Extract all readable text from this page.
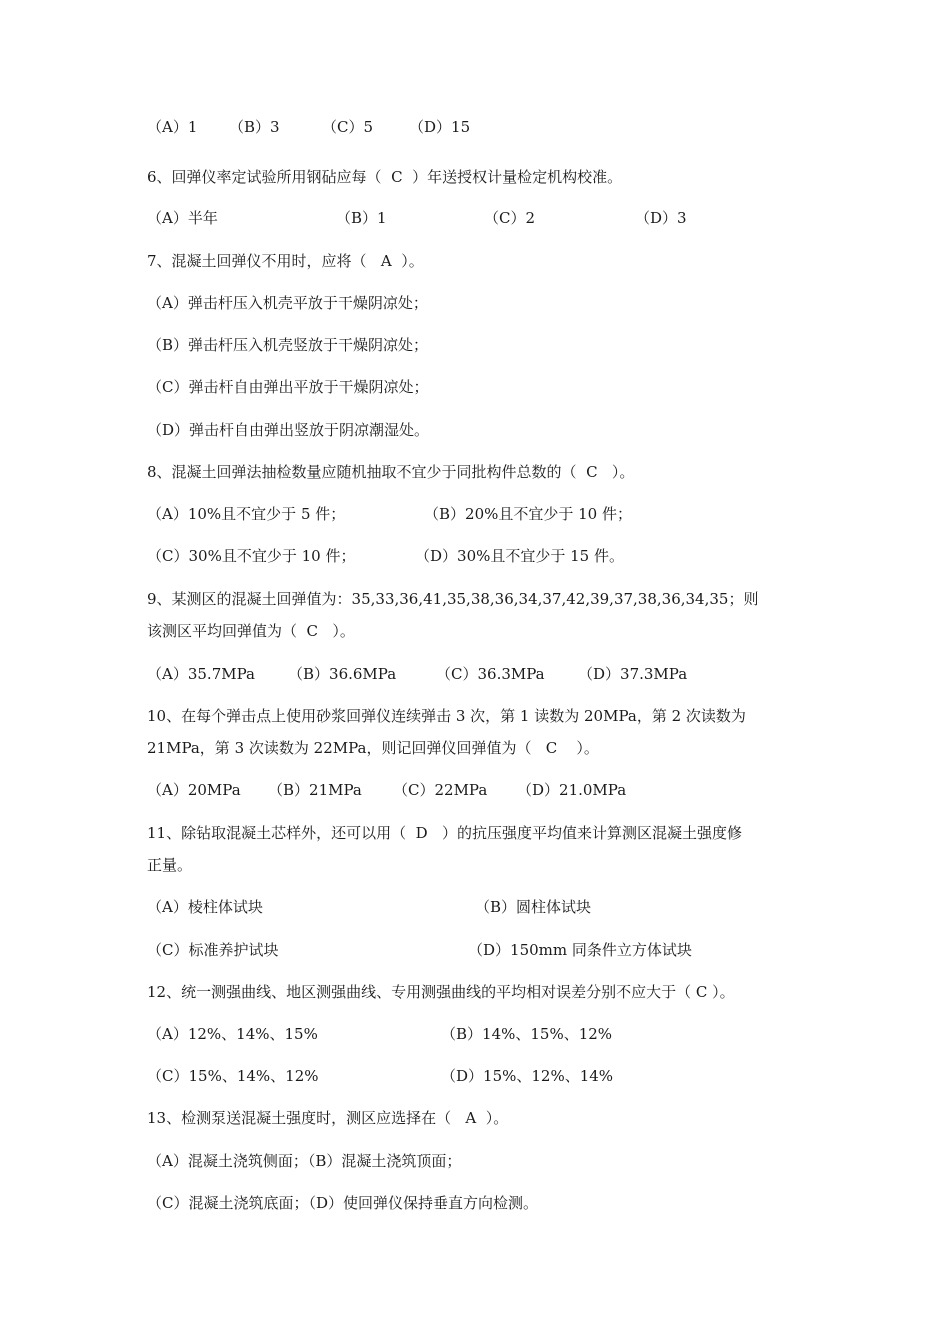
（A）1 （B）3	（C）5 （D）15
6、回弹仪率定试验所用钢砧应每（  C  ）年送授权计量检定机构校准。
（A）半年	（B）1	（C）2	（D）3
7、混凝土回弹仪不用时，应将（   A  ）。
（A）弹击杆压入机壳平放于干燥阴凉处；
（B）弹击杆压入机壳竖放于干燥阴凉处；
（C）弹击杆自由弹出平放于干燥阴凉处；
（D）弹击杆自由弹出竖放于阴凉潮湿处。
8、混凝土回弹法抽检数量应随机抽取不宜少于同批构件总数的（  C   ）。
（A）10%且不宜少于 5 件；	（B）20%且不宜少于 10 件；
（C）30%且不宜少于 10 件；	（D）30%且不宜少于 15 件。
9、某测区的混凝土回弹值为：35,33,36,41,35,38,36,34,37,42,39,37,38,36,34,35；则
该测区平均回弹值为（  C   ）。
（A）35.7MPa （B）36.6MPa	（C）36.3MPa （D）37.3MPa
10、在每个弹击点上使用砂浆回弹仪连续弹击 3 次，第 1 读数为 20MPa，第 2 次读数为
21MPa，第 3 次读数为 22MPa，则记回弹仪回弹值为（   C    ）。
（A）20MPa （B）21MPa （C）22MPa （D）21.0MPa
11、除钻取混凝土芯样外，还可以用（  D   ）的抗压强度平均值来计算测区混凝土强度修
正量。
（A）棱柱体试块	（B）圆柱体试块
（C）标准养护试块	（D）150mm 同条件立方体试块
12、统一测强曲线、地区测强曲线、专用测强曲线的平均相对误差分别不应大于（ C ）。
（A）12%、14%、15%	（B）14%、15%、12%
（C）15%、14%、12%	（D）15%、12%、14%
13、检测泵送混凝土强度时，测区应选择在（   A  ）。
（A）混凝土浇筑侧面；（B）混凝土浇筑顶面；
（C）混凝土浇筑底面；（D）使回弹仪保持垂直方向检测。
